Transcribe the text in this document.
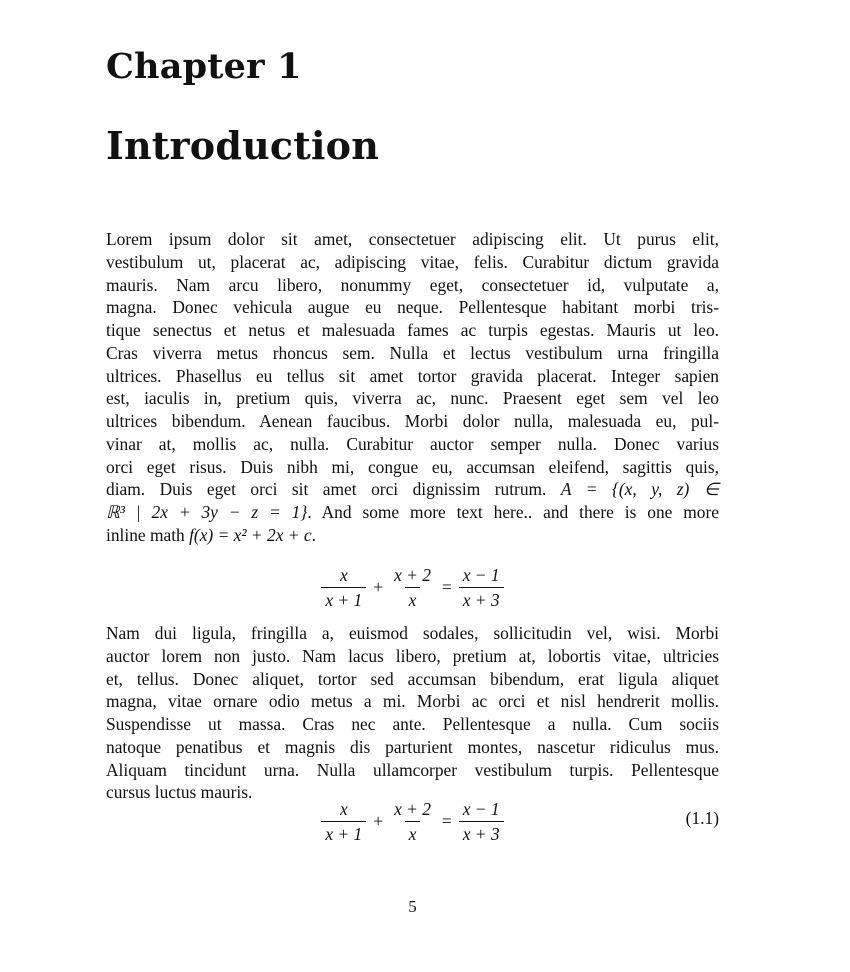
Chapter 1
Introduction

Lorem ipsum dolor sit amet, consectetuer adipiscing elit. Ut purus elit,
vestibulum ut, placerat ac, adipiscing vitae, felis. Curabitur dictum gravida
mauris. Nam arcu libero, nonummy eget, consectetuer id, vulputate a,
magna. Donec vehicula augue eu neque. Pellentesque habitant morbi tris-
tique senectus et netus et malesuada fames ac turpis egestas. Mauris ut leo.
Cras viverra metus rhoncus sem. Nulla et lectus vestibulum urna fringilla
ultrices. Phasellus eu tellus sit amet tortor gravida placerat. Integer sapien
est, iaculis in, pretium quis, viverra ac, nunc. Praesent eget sem vel leo
ultrices bibendum. Aenean faucibus. Morbi dolor nulla, malesuada eu, pul-
vinar at, mollis ac, nulla. Curabitur auctor semper nulla. Donec varius
orci eget risus. Duis nibh mi, congue eu, accumsan eleifend, sagittis quis,
diam. Duis eget orci sit amet orci dignissim rutrum. A = {(x, y, z) ∈
ℝ³ | 2x + 3y − z = 1}. And some more text here.. and there is one more
inline math f(x) = x² + 2x + c.

$\frac{x}{x + 1} + \frac{x + 2}{x} = \frac{x - 1}{x + 3}$

Nam dui ligula, fringilla a, euismod sodales, sollicitudin vel, wisi. Morbi
auctor lorem non justo. Nam lacus libero, pretium at, lobortis vitae, ultricies
et, tellus. Donec aliquet, tortor sed accumsan bibendum, erat ligula aliquet
magna, vitae ornare odio metus a mi. Morbi ac orci et nisl hendrerit mollis.
Suspendisse ut massa. Cras nec ante. Pellentesque a nulla. Cum sociis
natoque penatibus et magnis dis parturient montes, nascetur ridiculus mus.
Aliquam tincidunt urna. Nulla ullamcorper vestibulum turpis. Pellentesque
cursus luctus mauris.

$\frac{x}{x + 1} + \frac{x + 2}{x} = \frac{x - 1}{x + 3}$	(1.1)
5
